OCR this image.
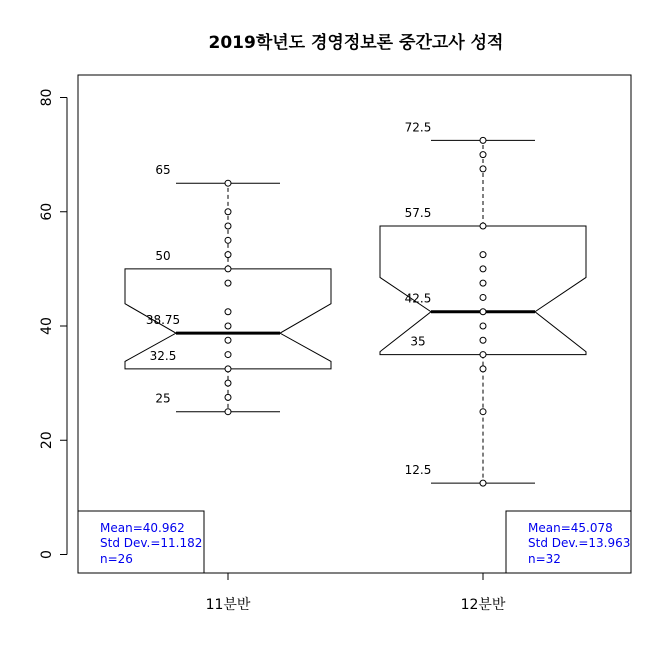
2019학년도 경영정보론 중간고사 성적
0
20
40
60
80
11분반	12분반
65
50
38.75
32.5
25
72.5
57.5
42.5
35
12.5
Mean=40.962
Std Dev.=11.182
n=26
Mean=45.078
Std Dev.=13.963
n=32
